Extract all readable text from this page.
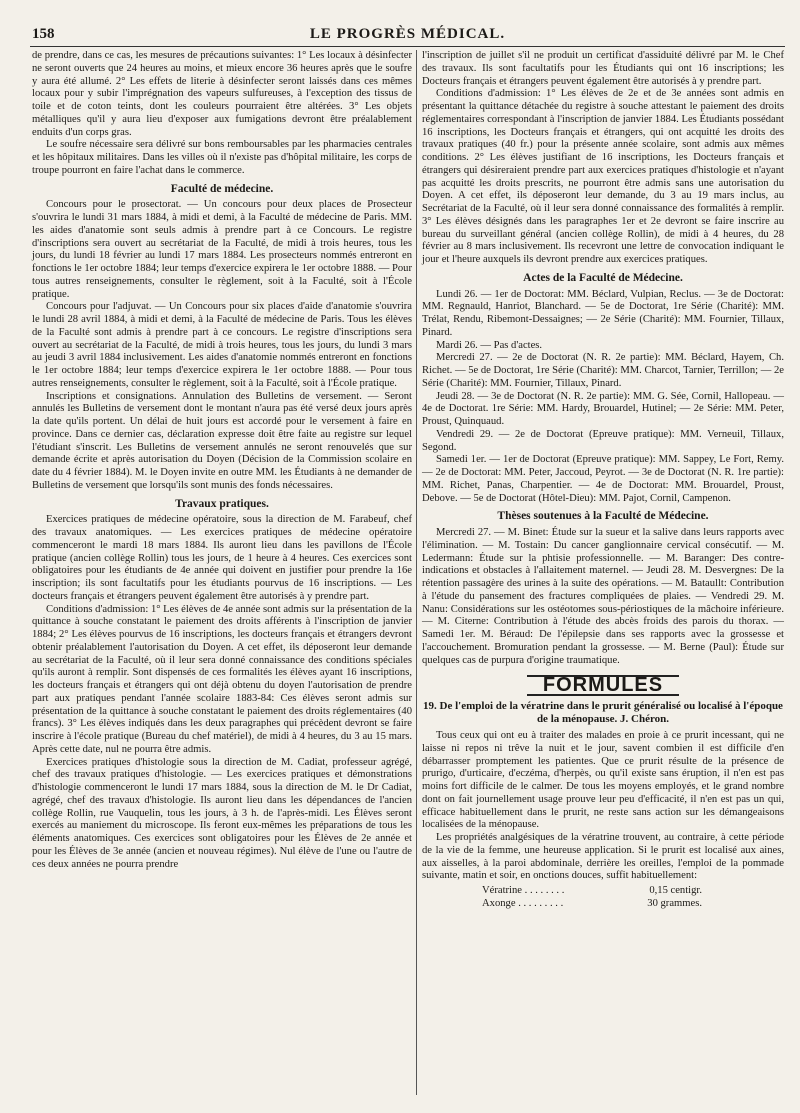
158	LE PROGRÈS MÉDICAL.

de prendre, dans ce cas, les mesures de précautions suivantes: 1° Les locaux à désinfecter ne seront ouverts que 24 heures au moins, et mieux encore 36 heures après que le soufre y aura été allumé. 2° Les effets de literie à désinfecter seront laissés dans ces mêmes locaux pour y subir l'imprégnation des vapeurs sulfureuses, à l'exception des tissus de toile et de coton teints, dont les couleurs pourraient être altérées. 3° Les objets métalliques qu'il y aura lieu d'exposer aux fumigations devront être préalablement enduits d'un corps gras.

Le soufre nécessaire sera délivré sur bons remboursables par les pharmacies centrales et les hôpitaux militaires. Dans les villes où il n'existe pas d'hôpital militaire, les corps de troupe pourront en faire l'achat dans le commerce.

Faculté de médecine.

Concours pour le prosectorat. — Un concours pour deux places de Prosecteur s'ouvrira le lundi 31 mars 1884, à midi et demi, à la Faculté de médecine de Paris. MM. les aides d'anatomie sont seuls admis à prendre part à ce Concours. Le registre d'inscriptions sera ouvert au secrétariat de la Faculté, de midi à trois heures, tous les jours, du lundi 18 février au lundi 17 mars 1884. Les prosecteurs nommés entreront en fonctions le 1er octobre 1884; leur temps d'exercice expirera le 1er octobre 1888. — Pour tous autres renseignements, consulter le règlement, soit à la Faculté, soit à l'École pratique.

Concours pour l'adjuvat. — Un Concours pour six places d'aide d'anatomie s'ouvrira le lundi 28 avril 1884, à midi et demi, à la Faculté de médecine de Paris. Tous les élèves de la Faculté sont admis à prendre part à ce concours. Le registre d'inscriptions sera ouvert au secrétariat de la Faculté, de midi à trois heures, tous les jours, du lundi 3 mars au jeudi 3 avril 1884 inclusivement. Les aides d'anatomie nommés entreront en fonctions le 1er octobre 1884; leur temps d'exercice expirera le 1er octobre 1888. — Pour tous autres renseignements, consulter le règlement, soit à la Faculté, soit à l'École pratique.

Inscriptions et consignations. Annulation des Bulletins de versement. — Seront annulés les Bulletins de versement dont le montant n'aura pas été versé deux jours après la date qu'ils portent. Un délai de huit jours est accordé pour le versement à faire en province. Dans ce dernier cas, déclaration expresse doit être faite au registre sur lequel l'étudiant s'inscrit. Les Bulletins de versement annulés ne seront renouvelés que sur demande écrite et après autorisation du Doyen (Décision de la Commission scolaire en date du 4 février 1884). M. le Doyen invite en outre MM. les Étudiants à ne demander de Bulletins de versement que lorsqu'ils sont munis des fonds nécessaires.

Travaux pratiques.

Exercices pratiques de médecine opératoire, sous la direction de M. Farabeuf, chef des travaux anatomiques. — Les exercices pratiques de médecine opératoire commenceront le mardi 18 mars 1884. Ils auront lieu dans les pavillons de l'École pratique (ancien collège Rollin) tous les jours, de 1 heure à 4 heures. Ces exercices sont obligatoires pour les étudiants de 4e année qui doivent en justifier pour prendre la 16e inscription; ils sont facultatifs pour les étudiants pourvus de 16 inscriptions. — Les docteurs français et étrangers peuvent également être autorisés à y prendre part.

Conditions d'admission: 1° Les élèves de 4e année sont admis sur la présentation de la quittance à souche constatant le paiement des droits afférents à l'inscription de janvier 1884; 2° Les élèves pourvus de 16 inscriptions, les docteurs français et étrangers devront obtenir préalablement l'autorisation du Doyen. A cet effet, ils déposeront leur demande au secrétariat de la Faculté, où il leur sera donné connaissance des conditions spéciales qu'ils auront à remplir. Sont dispensés de ces formalités les élèves ayant 16 inscriptions, les docteurs français et étrangers qui ont déjà obtenu du doyen l'autorisation de prendre part aux pratiques pendant l'année scolaire 1883-84: Ces élèves seront admis sur présentation de la quittance à souche constatant le paiement des droits réglementaires (40 francs). 3° Les élèves indiqués dans les deux paragraphes qui précèdent devront se faire inscrire à l'école pratique (Bureau du chef matériel), de midi à 4 heures, du 3 au 15 mars. Après cette date, nul ne pourra être admis.

Exercices pratiques d'histologie sous la direction de M. Cadiat, professeur agrégé, chef des travaux pratiques d'histologie. — Les exercices pratiques et démonstrations d'histologie commenceront le lundi 17 mars 1884, sous la direction de M. le Dr Cadiat, agrégé, chef des travaux d'histologie. Ils auront lieu dans les dépendances de l'ancien collège Rollin, rue Vauquelin, tous les jours, à 3 h. de l'après-midi. Les Élèves seront exercés au maniement du microscope. Ils feront eux-mêmes les préparations de tous les éléments anatomiques. Ces exercices sont obligatoires pour les Élèves de 2e année et pour les Élèves de 3e année (ancien et nouveau régimes). Nul élève de l'une ou l'autre de ces deux années ne pourra prendre

l'inscription de juillet s'il ne produit un certificat d'assiduité délivré par M. le Chef des travaux. Ils sont facultatifs pour les Étudiants qui ont 16 inscriptions; les Docteurs français et étrangers peuvent également être autorisés à y prendre part.

Conditions d'admission: 1° Les élèves de 2e et de 3e années sont admis en présentant la quittance détachée du registre à souche attestant le paiement des droits réglementaires correspondant à l'inscription de janvier 1884. Les Étudiants possédant 16 inscriptions, les Docteurs français et étrangers, qui ont acquitté les droits des travaux pratiques (40 fr.) pour la présente année scolaire, sont admis aux mêmes conditions. 2° Les élèves justifiant de 16 inscriptions, les Docteurs français et étrangers qui désireraient prendre part aux exercices pratiques d'histologie et n'ayant pas acquitté les droits prescrits, ne pourront être admis sans une autorisation du Doyen. A cet effet, ils déposeront leur demande, du 3 au 19 mars inclus, au Secrétariat de la Faculté, où il leur sera donné connaissance des formalités à remplir. 3° Les élèves désignés dans les paragraphes 1er et 2e devront se faire inscrire au bureau du surveillant général (ancien collège Rollin), de midi à 4 heures, du 28 février au 8 mars inclusivement. Ils recevront une lettre de convocation indiquant le jour et l'heure auxquels ils devront prendre aux exercices pratiques.

Actes de la Faculté de Médecine.

Lundi 26. — 1er de Doctorat: MM. Béclard, Vulpian, Reclus. — 3e de Doctorat: MM. Regnauld, Hanriot, Blanchard. — 5e de Doctorat, 1re Série (Charité): MM. Trélat, Rendu, Ribemont-Dessaignes; — 2e Série (Charité): MM. Fournier, Tillaux, Pinard.

Mardi 26. — Pas d'actes.

Mercredi 27. — 2e de Doctorat (N. R. 2e partie): MM. Béclard, Hayem, Ch. Richet. — 5e de Doctorat, 1re Série (Charité): MM. Charcot, Tarnier, Terrillon; — 2e Série (Charité): MM. Fournier, Tillaux, Pinard.

Jeudi 28. — 3e de Doctorat (N. R. 2e partie): MM. G. Sée, Cornil, Hallopeau. — 4e de Doctorat. 1re Série: MM. Hardy, Brouardel, Hutinel; — 2e Série: MM. Peter, Proust, Quinquaud.

Vendredi 29. — 2e de Doctorat (Epreuve pratique): MM. Verneuil, Tillaux, Segond.

Samedi 1er. — 1er de Doctorat (Epreuve pratique): MM. Sappey, Le Fort, Remy. — 2e de Doctorat: MM. Peter, Jaccoud, Peyrot. — 3e de Doctorat (N. R. 1re partie): MM. Richet, Panas, Charpentier. — 4e de Doctorat: MM. Brouardel, Proust, Debove. — 5e de Doctorat (Hôtel-Dieu): MM. Pajot, Cornil, Campenon.

Thèses soutenues à la Faculté de Médecine.

Mercredi 27. — M. Binet: Étude sur la sueur et la salive dans leurs rapports avec l'élimination. — M. Tostain: Du cancer ganglionnaire cervical consécutif. — M. Ledermann: Étude sur la phtisie professionnelle. — M. Baranger: Des contre-indications et obstacles à l'allaitement maternel. — Jeudi 28. M. Desvergnes: De la rétention passagère des urines à la suite des opérations. — M. Bataullt: Contribution à l'étude du pansement des fractures compliquées de plaies. — Vendredi 29. M. Nanu: Considérations sur les ostéotomes sous-périostiques de la mâchoire inférieure. — M. Citerne: Contribution à l'étude des abcès froids des parois du thorax. — Samedi 1er. M. Béraud: De l'épilepsie dans ses rapports avec la grossesse et l'accouchement. Bromuration pendant la grossesse. — M. Berne (Paul): Étude sur quelques cas de purpura d'origine traumatique.

FORMULES
19. De l'emploi de la vératrine dans le prurit généralisé ou localisé à l'époque de la ménopause. J. Chéron.

Tous ceux qui ont eu à traiter des malades en proie à ce prurit incessant, qui ne laisse ni repos ni trêve la nuit et le jour, savent combien il est difficile d'en débarrasser promptement les patientes. Que ce prurit résulte de la présence de prurigo, d'urticaire, d'eczéma, d'herpès, ou qu'il existe sans éruption, il n'en est pas moins fort difficile de le calmer. De tous les moyens employés, et le grand nombre dont on fait journellement usage prouve leur peu d'efficacité, il n'en est pas un qui, efficace habituellement dans le prurit, ne reste sans action sur les démangeaisons localisées de la ménopause.

Les propriétés analgésiques de la vératrine trouvent, au contraire, à cette période de la vie de la femme, une heureuse application. Si le prurit est localisé aux aines, aux aisselles, à la paroi abdominale, derrière les oreilles, l'emploi de la pommade suivante, matin et soir, en onctions douces, suffit habituellement:

Vératrine . . . . . . . .	0,15 centigr.
Axonge . . . . . . . . .	30 grammes.
